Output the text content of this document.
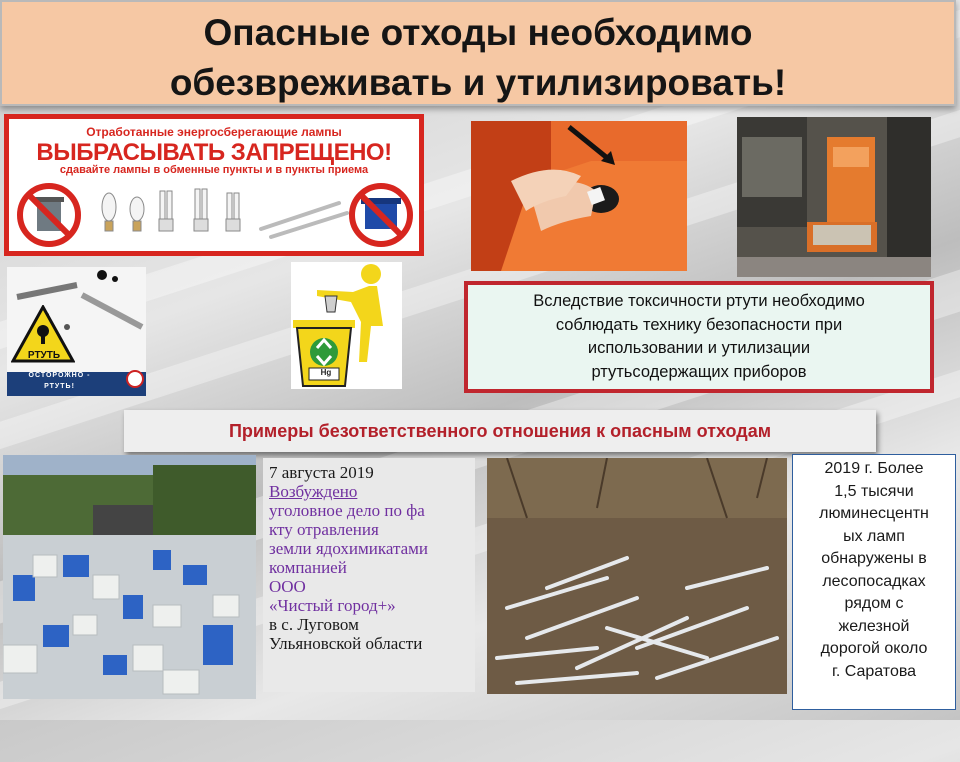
Опасные отходы необходимо
обезвреживать и утилизировать!
Отработанные энергосберегающие лампы
ВЫБРАСЫВАТЬ ЗАПРЕЩЕНО!
сдавайте лампы в обменные пункты и в пункты приема
РТУТЬ
ОСТОРОЖНО -
РТУТЬ!
Hg
Вследствие токсичности ртути необходимо
соблюдать технику безопасности при
использовании и утилизации
ртутьсодержащих приборов
Примеры безответственного отношения к опасным отходам
7 августа 2019
Возбуждено
уголовное дело по фа
кту отравления
земли ядохимикатами
компанией
ООО
«Чистый город+»
в с. Луговом
Ульяновской области
2019 г. Более
1,5 тысячи
люминесцентн
ых ламп
обнаружены в
лесопосадках
рядом с
железной
дорогой около
г. Саратова
